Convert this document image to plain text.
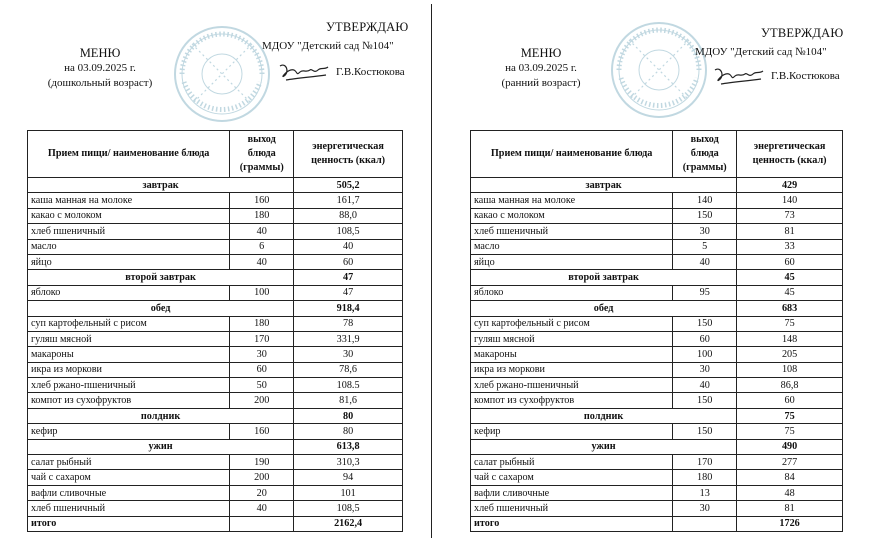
МЕНЮ
на 03.09.2025 г.
(дошкольный возраст)
УТВЕРЖДАЮ
МДОУ "Детский сад №104"
Г.В.Костюкова
Прием пищи/ наименование блюда	выход блюда (граммы)	энергетическая ценность (ккал)
завтрак		505,2
каша манная на молоке	160	161,7
какао с молоком	180	88,0
хлеб пшеничный	40	108,5
масло	6	40
яйцо	40	60
второй завтрак		47
яблоко	100	47
обед		918,4
суп картофельный с рисом	180	78
гуляш мясной	170	331,9
макароны	30	30
икра из моркови	60	78,6
хлеб ржано-пшеничный	50	108.5
компот из сухофруктов	200	81,6
полдник		80
кефир	160	80
ужин		613,8
салат рыбный	190	310,3
чай с сахаром	200	94
вафли сливочные	20	101
хлеб пшеничный	40	108,5
итого		2162,4
МЕНЮ
на 03.09.2025 г.
(ранний возраст)
УТВЕРЖДАЮ
МДОУ "Детский сад №104"
Г.В.Костюкова
Прием пищи/ наименование блюда	выход блюда (граммы)	энергетическая ценность (ккал)
завтрак		429
каша манная на молоке	140	140
какао с молоком	150	73
хлеб пшеничный	30	81
масло	5	33
яйцо	40	60
второй завтрак		45
яблоко	95	45
обед		683
суп картофельный с рисом	150	75
гуляш мясной	60	148
макароны	100	205
икра из моркови	30	108
хлеб ржано-пшеничный	40	86,8
компот из сухофруктов	150	60
полдник		75
кефир	150	75
ужин		490
салат рыбный	170	277
чай с сахаром	180	84
вафли сливочные	13	48
хлеб пшеничный	30	81
итого		1726
